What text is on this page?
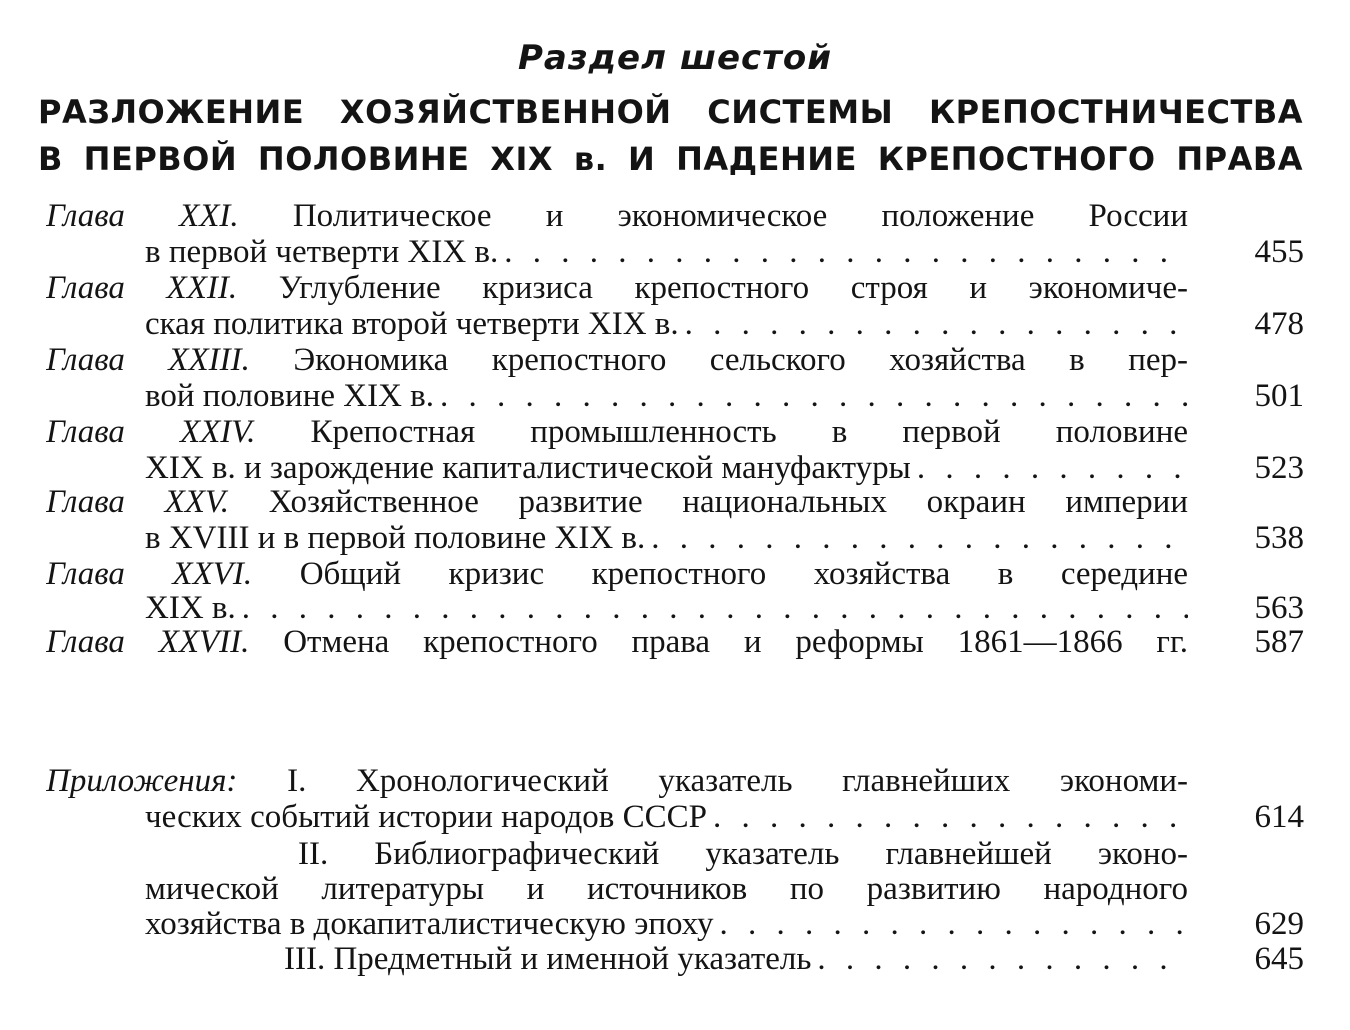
Раздел шестой
РАЗЛОЖЕНИЕ ХОЗЯЙСТВЕННОЙ СИСТЕМЫ КРЕПОСТНИЧЕСТВА
В ПЕРВОЙ ПОЛОВИНЕ XIX в. И ПАДЕНИЕ КРЕПОСТНОГО ПРАВА
Глава XXI. Политическое и экономическое положение России
в первой четверти XIX в. . . .	455
Глава XXII. Углубление кризиса крепостного строя и экономиче-
ская политика второй четверти XIX в. . . .	478
Глава XXIII. Экономика крепостного сельского хозяйства в пер-
вой половине XIX в. . . .	501
Глава XXIV. Крепостная промышленность в первой половине
XIX в. и зарождение капиталистической мануфактуры . . .	523
Глава XXV. Хозяйственное развитие национальных окраин империи
в XVIII и в первой половине XIX в. . . .	538
Глава XXVI. Общий кризис крепостного хозяйства в середине
XIX в. . . .	563
Глава XXVII. Отмена крепостного права и реформы 1861—1866 гг.	587
Приложения: I. Хронологический указатель главнейших экономи-
ческих событий истории народов СССР . . .	614
II. Библиографический указатель главнейшей эконо-
мической литературы и источников по развитию народного
хозяйства в докапиталистическую эпоху . . .	629
III. Предметный и именной указатель . . .	645
